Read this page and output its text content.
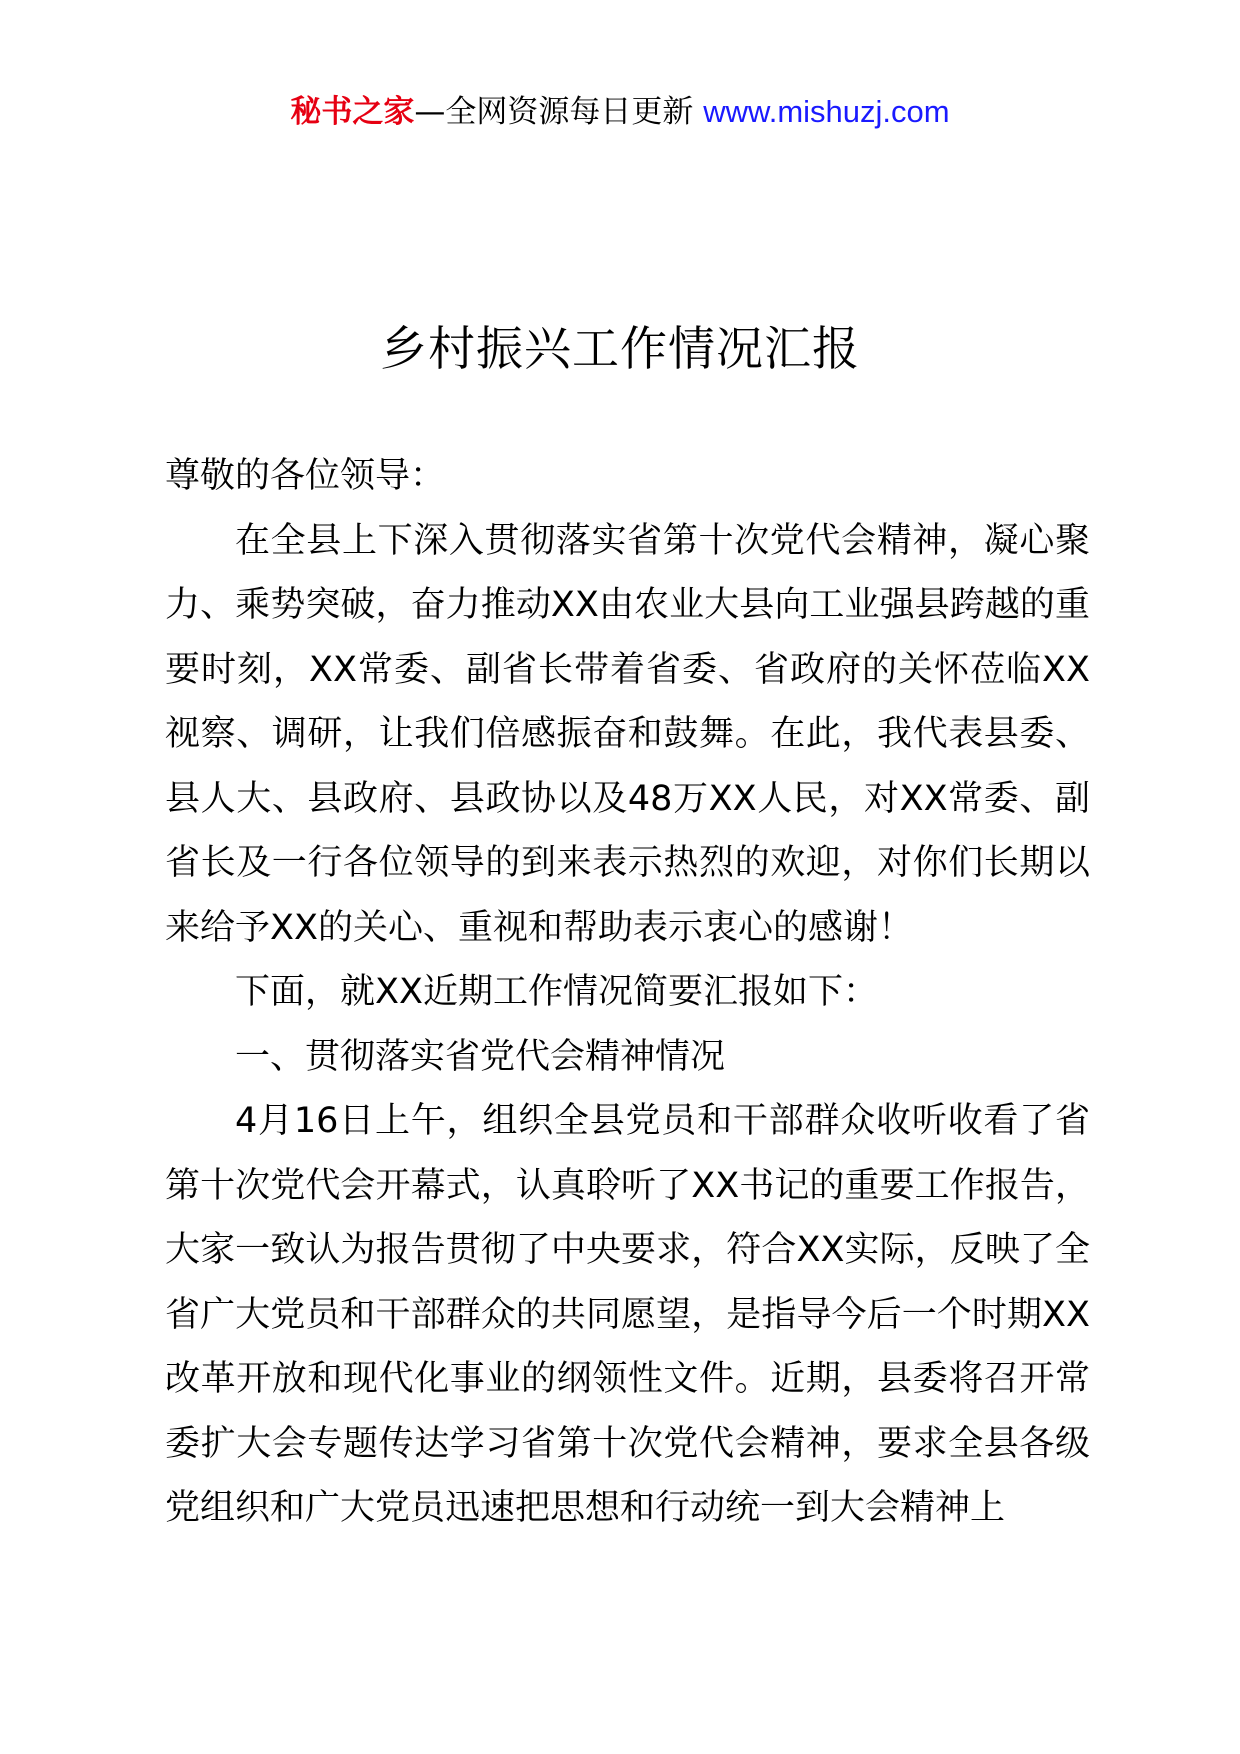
秘书之家—全网资源每日更新 www.mishuzj.com
乡村振兴工作情况汇报

尊敬的各位领导：

在全县上下深入贯彻落实省第十次党代会精神，凝心聚力、乘势突破，奋力推动XX由农业大县向工业强县跨越的重要时刻，XX常委、副省长带着省委、省政府的关怀莅临XX视察、调研，让我们倍感振奋和鼓舞。在此，我代表县委、县人大、县政府、县政协以及48万XX人民，对XX常委、副省长及一行各位领导的到来表示热烈的欢迎，对你们长期以来给予XX的关心、重视和帮助表示衷心的感谢！

下面，就XX近期工作情况简要汇报如下：

一、贯彻落实省党代会精神情况

4月16日上午，组织全县党员和干部群众收听收看了省第十次党代会开幕式，认真聆听了XX书记的重要工作报告，大家一致认为报告贯彻了中央要求，符合XX实际，反映了全省广大党员和干部群众的共同愿望，是指导今后一个时期XX改革开放和现代化事业的纲领性文件。近期，县委将召开常委扩大会专题传达学习省第十次党代会精神，要求全县各级党组织和广大党员迅速把思想和行动统一到大会精神上
